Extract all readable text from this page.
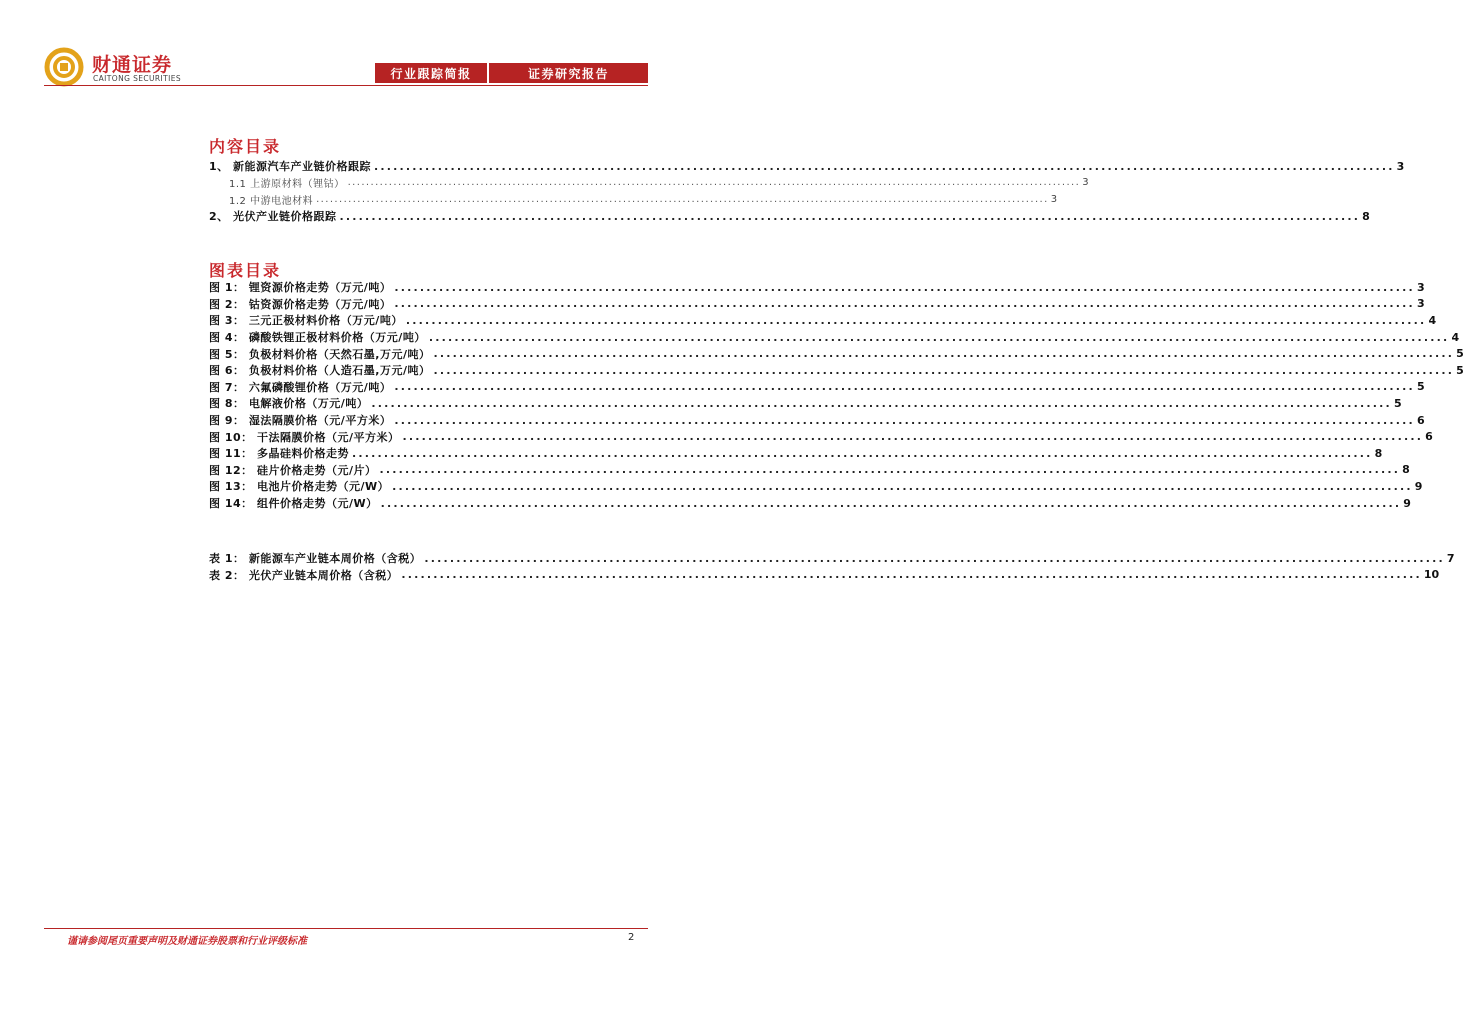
财通证券
CAITONG SECURITIES	行业跟踪简报	证券研究报告
内容目录
1、 新能源汽车产业链价格跟踪 ................................................................................................................................................................ 3
1.1 上游原材料（锂钴） ................................................................................................................................................................ 3
1.2 中游电池材料 ................................................................................................................................................................ 3
2、 光伏产业链价格跟踪 ................................................................................................................................................................ 8
图表目录
图 1： 锂资源价格走势（万元/吨） ................................................................................................................................................................ 3
图 2： 钴资源价格走势（万元/吨） ................................................................................................................................................................ 3
图 3： 三元正极材料价格（万元/吨） ................................................................................................................................................................ 4
图 4： 磷酸铁锂正极材料价格（万元/吨） ................................................................................................................................................................ 4
图 5： 负极材料价格（天然石墨,万元/吨） ................................................................................................................................................................ 5
图 6： 负极材料价格（人造石墨,万元/吨） ................................................................................................................................................................ 5
图 7： 六氟磷酸锂价格（万元/吨） ................................................................................................................................................................ 5
图 8： 电解液价格（万元/吨） ................................................................................................................................................................ 5
图 9： 湿法隔膜价格（元/平方米） ................................................................................................................................................................ 6
图 10： 干法隔膜价格（元/平方米） ................................................................................................................................................................ 6
图 11： 多晶硅料价格走势 ................................................................................................................................................................ 8
图 12： 硅片价格走势（元/片） ................................................................................................................................................................ 8
图 13： 电池片价格走势（元/W） ................................................................................................................................................................ 9
图 14： 组件价格走势（元/W） ................................................................................................................................................................ 9
表 1： 新能源车产业链本周价格（含税） ................................................................................................................................................................ 7
表 2： 光伏产业链本周价格（含税） ................................................................................................................................................................ 10
谨请参阅尾页重要声明及财通证券股票和行业评级标准	2
